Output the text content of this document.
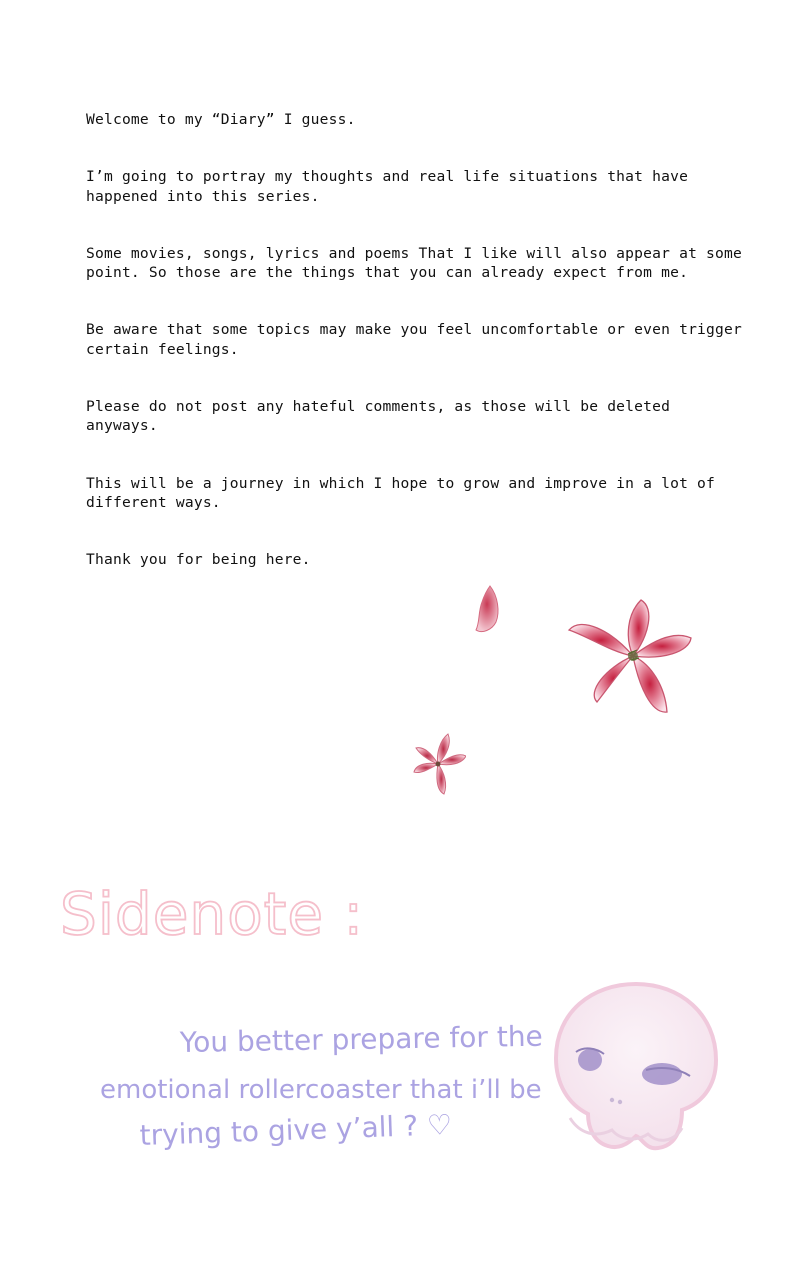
Welcome to my “Diary” I guess.

I’m going to portray my thoughts and real life situations that have happened into this series.

Some movies, songs, lyrics and poems That I like will also appear at some point. So those are the things that you can already expect from me.

Be aware that some topics may make you feel uncomfortable or even trigger certain feelings.

Please do not post any hateful comments, as those will be deleted anyways.

This will be a journey in which I hope to grow and improve in a lot of different ways.

Thank you for being here.

Sidenote :
You better prepare for the
emotional rollercoaster that i’ll be
trying to give y’all ? ♡
